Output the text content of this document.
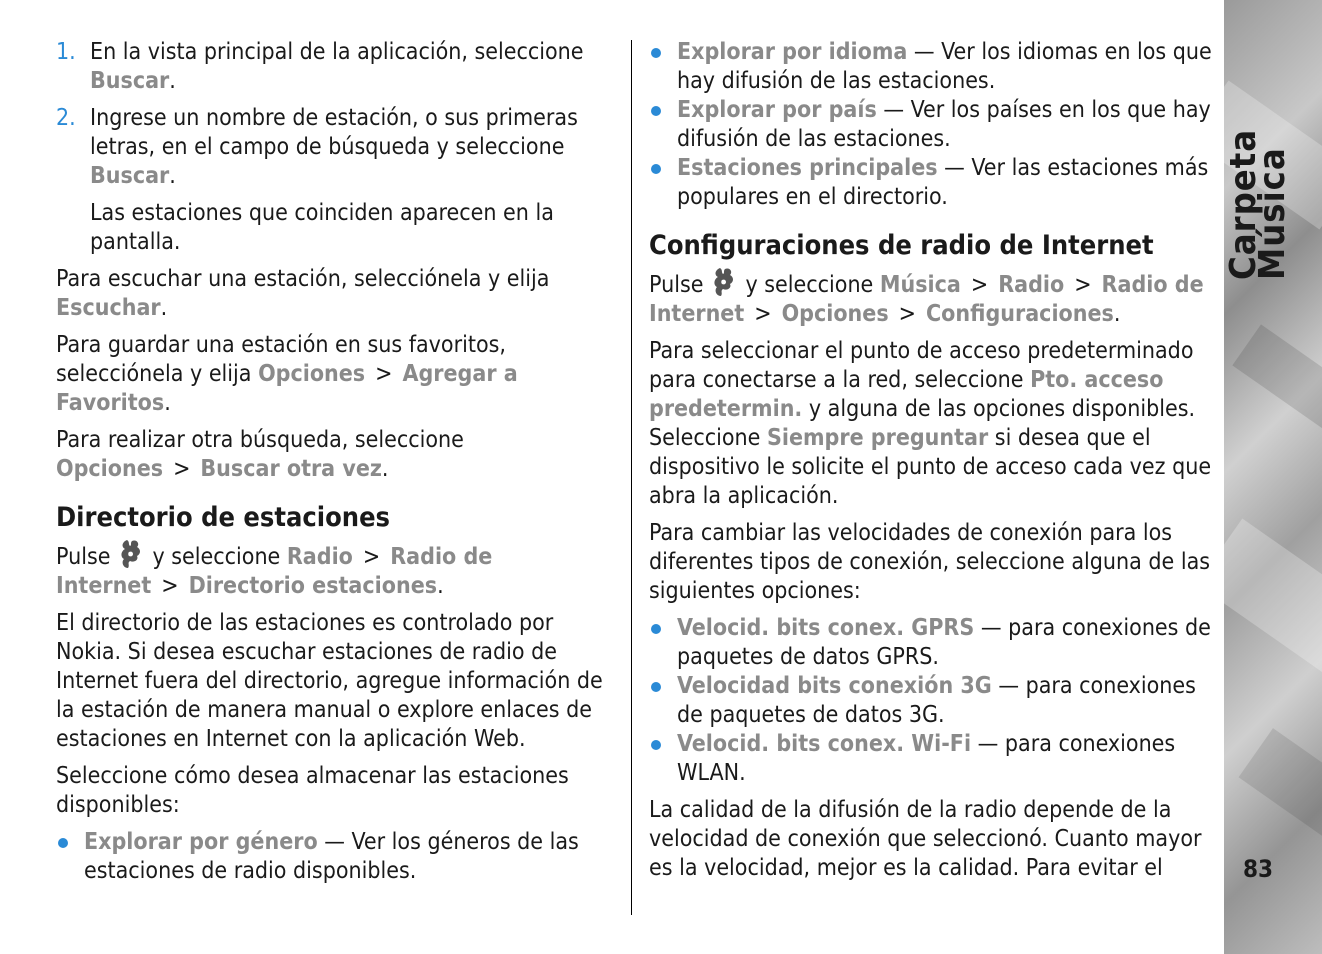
1. En la vista principal de la aplicación, seleccione Buscar.
2. Ingrese un nombre de estación, o sus primeras letras, en el campo de búsqueda y seleccione Buscar.

Las estaciones que coinciden aparecen en la pantalla.

Para escuchar una estación, selecciónela y elija Escuchar.

Para guardar una estación en sus favoritos, selecciónela y elija Opciones > Agregar a Favoritos.

Para realizar otra búsqueda, seleccione Opciones > Buscar otra vez.

Directorio de estaciones

Pulse y seleccione Radio > Radio de Internet > Directorio estaciones.

El directorio de las estaciones es controlado por Nokia. Si desea escuchar estaciones de radio de Internet fuera del directorio, agregue información de la estación de manera manual o explore enlaces de estaciones en Internet con la aplicación Web.

Seleccione cómo desea almacenar las estaciones disponibles:

Explorar por género — Ver los géneros de las estaciones de radio disponibles.
Explorar por idioma — Ver los idiomas en los que hay difusión de las estaciones.
Explorar por país — Ver los países en los que hay difusión de las estaciones.
Estaciones principales — Ver las estaciones más populares en el directorio.
Configuraciones de radio de Internet

Pulse y seleccione Música > Radio > Radio de Internet > Opciones > Configuraciones.

Para seleccionar el punto de acceso predeterminado para conectarse a la red, seleccione Pto. acceso predetermin. y alguna de las opciones disponibles. Seleccione Siempre preguntar si desea que el dispositivo le solicite el punto de acceso cada vez que abra la aplicación.

Para cambiar las velocidades de conexión para los diferentes tipos de conexión, seleccione alguna de las siguientes opciones:

Velocid. bits conex. GPRS — para conexiones de paquetes de datos GPRS.
Velocidad bits conexión 3G — para conexiones de paquetes de datos 3G.
Velocid. bits conex. Wi-Fi — para conexiones WLAN.

La calidad de la difusión de la radio depende de la velocidad de conexión que seleccionó. Cuanto mayor es la velocidad, mejor es la calidad. Para evitar el

Carpeta Música
83
